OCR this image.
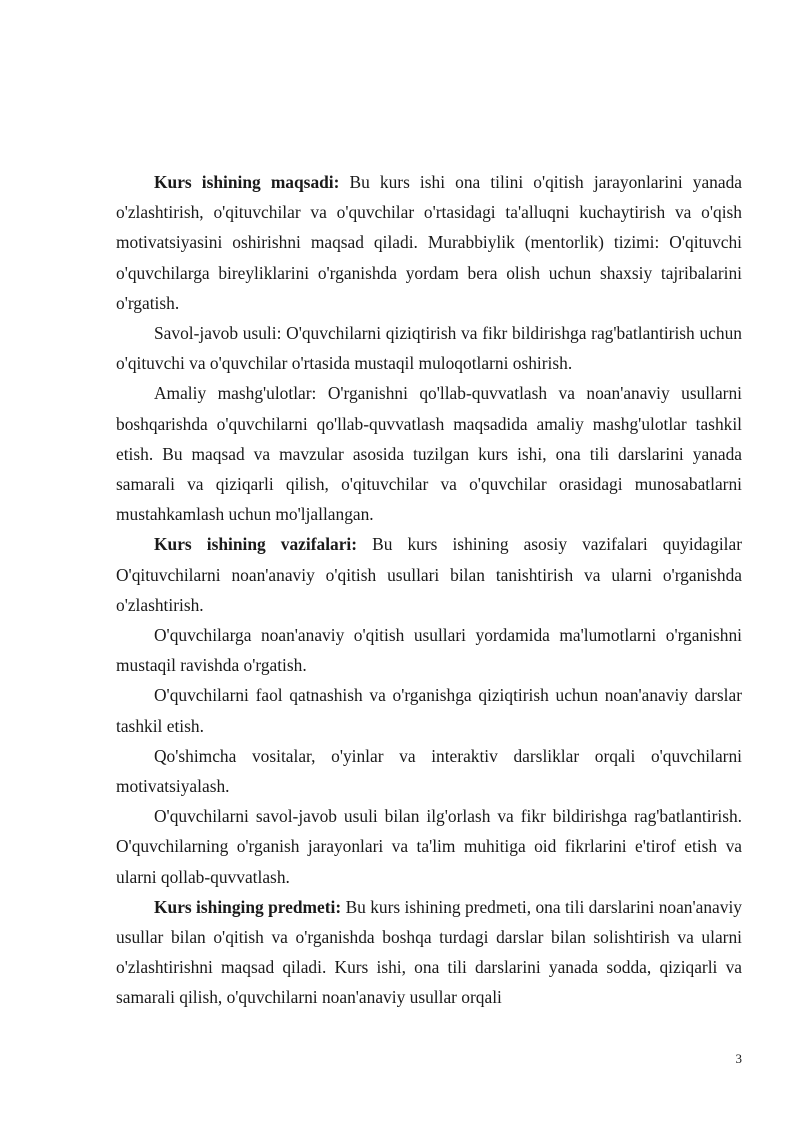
Kurs ishining maqsadi: Bu kurs ishi ona tilini o'qitish jarayonlarini yanada o'zlashtirish, o'qituvchilar va o'quvchilar o'rtasidagi ta'alluqni kuchaytirish va o'qish motivatsiyasini oshirishni maqsad qiladi. Murabbiylik (mentorlik) tizimi: O'qituvchi o'quvchilarga bireyliklarini o'rganishda yordam bera olish uchun shaxsiy tajribalarini o'rgatish.

Savol-javob usuli: O'quvchilarni qiziqtirish va fikr bildirishga rag'batlantirish uchun o'qituvchi va o'quvchilar o'rtasida mustaqil muloqotlarni oshirish.

Amaliy mashg'ulotlar: O'rganishni qo'llab-quvvatlash va noan'anaviy usullarni boshqarishda o'quvchilarni qo'llab-quvvatlash maqsadida amaliy mashg'ulotlar tashkil etish. Bu maqsad va mavzular asosida tuzilgan kurs ishi, ona tili darslarini yanada samarali va qiziqarli qilish, o'qituvchilar va o'quvchilar orasidagi munosabatlarni mustahkamlash uchun mo'ljallangan.

Kurs ishining vazifalari: Bu kurs ishining asosiy vazifalari quyidagilar O'qituvchilarni noan'anaviy o'qitish usullari bilan tanishtirish va ularni o'rganishda o'zlashtirish.

O'quvchilarga noan'anaviy o'qitish usullari yordamida ma'lumotlarni o'rganishni mustaqil ravishda o'rgatish.

O'quvchilarni faol qatnashish va o'rganishga qiziqtirish uchun noan'anaviy darslar tashkil etish.

Qo'shimcha vositalar, o'yinlar va interaktiv darsliklar orqali o'quvchilarni motivatsiyalash.

O'quvchilarni savol-javob usuli bilan ilg'orlash va fikr bildirishga rag'batlantirish. O'quvchilarning o'rganish jarayonlari va ta'lim muhitiga oid fikrlarini e'tirof etish va ularni qollab-quvvatlash.

Kurs ishinging predmeti: Bu kurs ishining predmeti, ona tili darslarini noan'anaviy usullar bilan o'qitish va o'rganishda boshqa turdagi darslar bilan solishtirish va ularni o'zlashtirishni maqsad qiladi. Kurs ishi, ona tili darslarini yanada sodda, qiziqarli va samarali qilish, o'quvchilarni noan'anaviy usullar orqali

3
